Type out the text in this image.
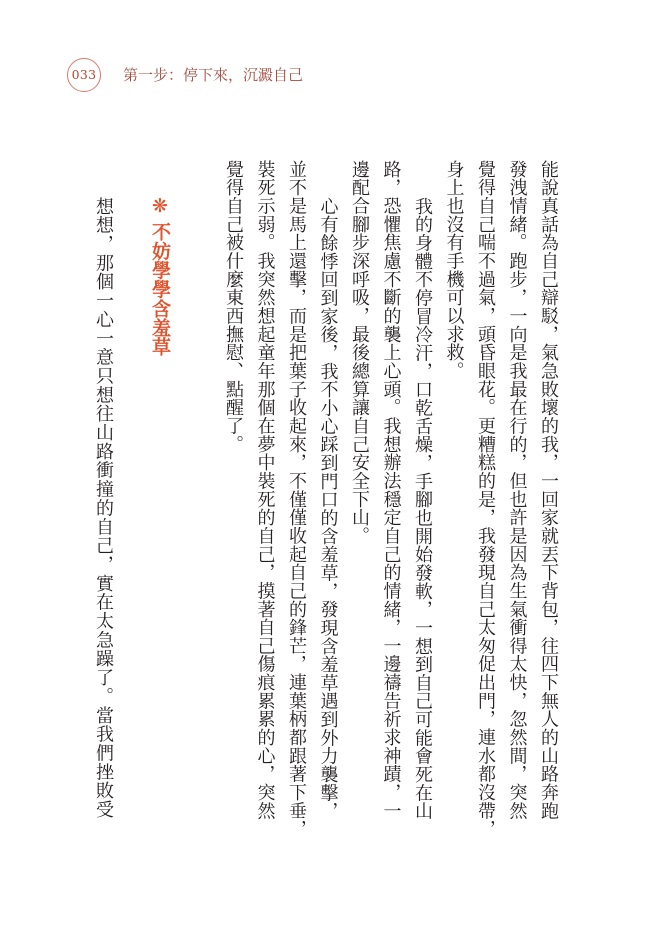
033 第一步：停下來，沉澱自己
能說真話為自己辯駁，氣急敗壞的我，一回家就丟下背包，往四下無人的山路奔跑
發洩情緒。跑步，一向是我最在行的，但也許是因為生氣衝得太快，忽然間，突然
覺得自己喘不過氣，頭昏眼花。更糟糕的是，我發現自己太匆促出門，連水都沒帶，
身上也沒有手機可以求救。
我的身體不停冒冷汗，口乾舌燥，手腳也開始發軟，一想到自己可能會死在山
路，恐懼焦慮不斷的襲上心頭。我想辦法穩定自己的情緒，一邊禱告祈求神蹟，一
邊配合腳步深呼吸，最後總算讓自己安全下山。
心有餘悸回到家後，我不小心踩到門口的含羞草，發現含羞草遇到外力襲擊，
並不是馬上還擊，而是把葉子收起來，不僅僅收起自己的鋒芒，連葉柄都跟著下垂，
裝死示弱。我突然想起童年那個在夢中裝死的自己，摸著自己傷痕累累的心，突然
覺得自己被什麼東西撫慰、點醒了。
❋
不妨學學含羞草
想想，那個一心一意只想往山路衝撞的自己，實在太急躁了。當我們挫敗受
